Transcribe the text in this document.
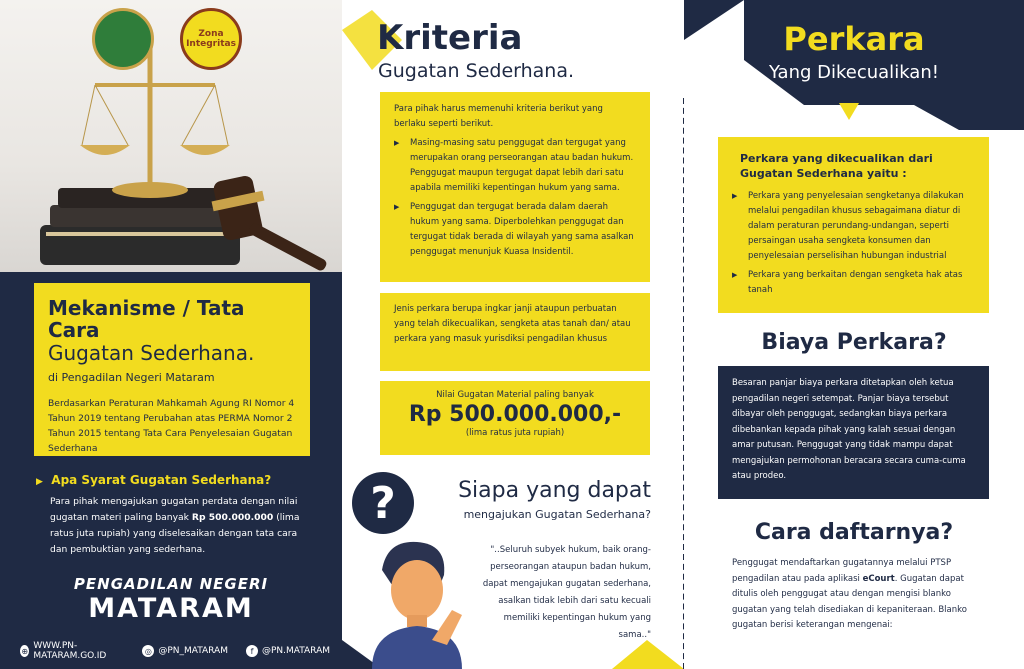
Zona Integritas
Mekanisme / Tata Cara
Gugatan Sederhana.
di Pengadilan Negeri Mataram
Berdasarkan Peraturan Mahkamah Agung RI Nomor 4 Tahun 2019 tentang Perubahan atas PERMA Nomor 2 Tahun 2015 tentang Tata Cara Penyelesaian Gugatan Sederhana
▶ Apa Syarat Gugatan Sederhana?
Para pihak mengajukan gugatan perdata dengan nilai gugatan materi paling banyak Rp 500.000.000 (lima ratus juta rupiah) yang diselesaikan dengan tata cara dan pembuktian yang sederhana.
PENGADILAN NEGERI
MATARAM
⊕ WWW.PN-MATARAM.GO.ID	◎ @PN_MATARAM	f @PN.MATARAM
Kriteria
Gugatan Sederhana.
Para pihak harus memenuhi kriteria berikut yang berlaku seperti berikut.
▶ Masing-masing satu penggugat dan tergugat yang merupakan orang perseorangan atau badan hukum. Penggugat maupun tergugat dapat lebih dari satu apabila memiliki kepentingan hukum yang sama.
▶ Penggugat dan tergugat berada dalam daerah hukum yang sama. Diperbolehkan penggugat dan tergugat tidak berada di wilayah yang sama asalkan penggugat menunjuk Kuasa Insidentil.
Jenis perkara berupa ingkar janji ataupun perbuatan yang telah dikecualikan, sengketa atas tanah dan/ atau perkara yang masuk yurisdiksi pengadilan khusus
Nilai Gugatan Material paling banyak
Rp 500.000.000,-
(lima ratus juta rupiah)
?	Siapa yang dapat
mengajukan Gugatan Sederhana?
"..Seluruh subyek hukum, baik orang-perseorangan ataupun badan hukum, dapat mengajukan gugatan sederhana, asalkan tidak lebih dari satu kecuali memiliki kepentingan hukum yang sama.."
Perkara
Yang Dikecualikan!
Perkara yang dikecualikan dari Gugatan Sederhana yaitu :
▶ Perkara yang penyelesaian sengketanya dilakukan melalui pengadilan khusus sebagaimana diatur di dalam peraturan perundang-undangan, seperti persaingan usaha sengketa konsumen dan penyelesaian perselisihan hubungan industrial
▶ Perkara yang berkaitan dengan sengketa hak atas tanah
Biaya Perkara?
Besaran panjar biaya perkara ditetapkan oleh ketua pengadilan negeri setempat. Panjar biaya tersebut dibayar oleh penggugat, sedangkan biaya perkara dibebankan kepada pihak yang kalah sesuai dengan amar putusan. Penggugat yang tidak mampu dapat mengajukan permohonan beracara secara cuma-cuma atau prodeo.
Cara daftarnya?
Penggugat mendaftarkan gugatannya melalui PTSP pengadilan atau pada aplikasi eCourt. Gugatan dapat ditulis oleh penggugat atau dengan mengisi blanko gugatan yang telah disediakan di kepaniteraan. Blanko gugatan berisi keterangan mengenai:
